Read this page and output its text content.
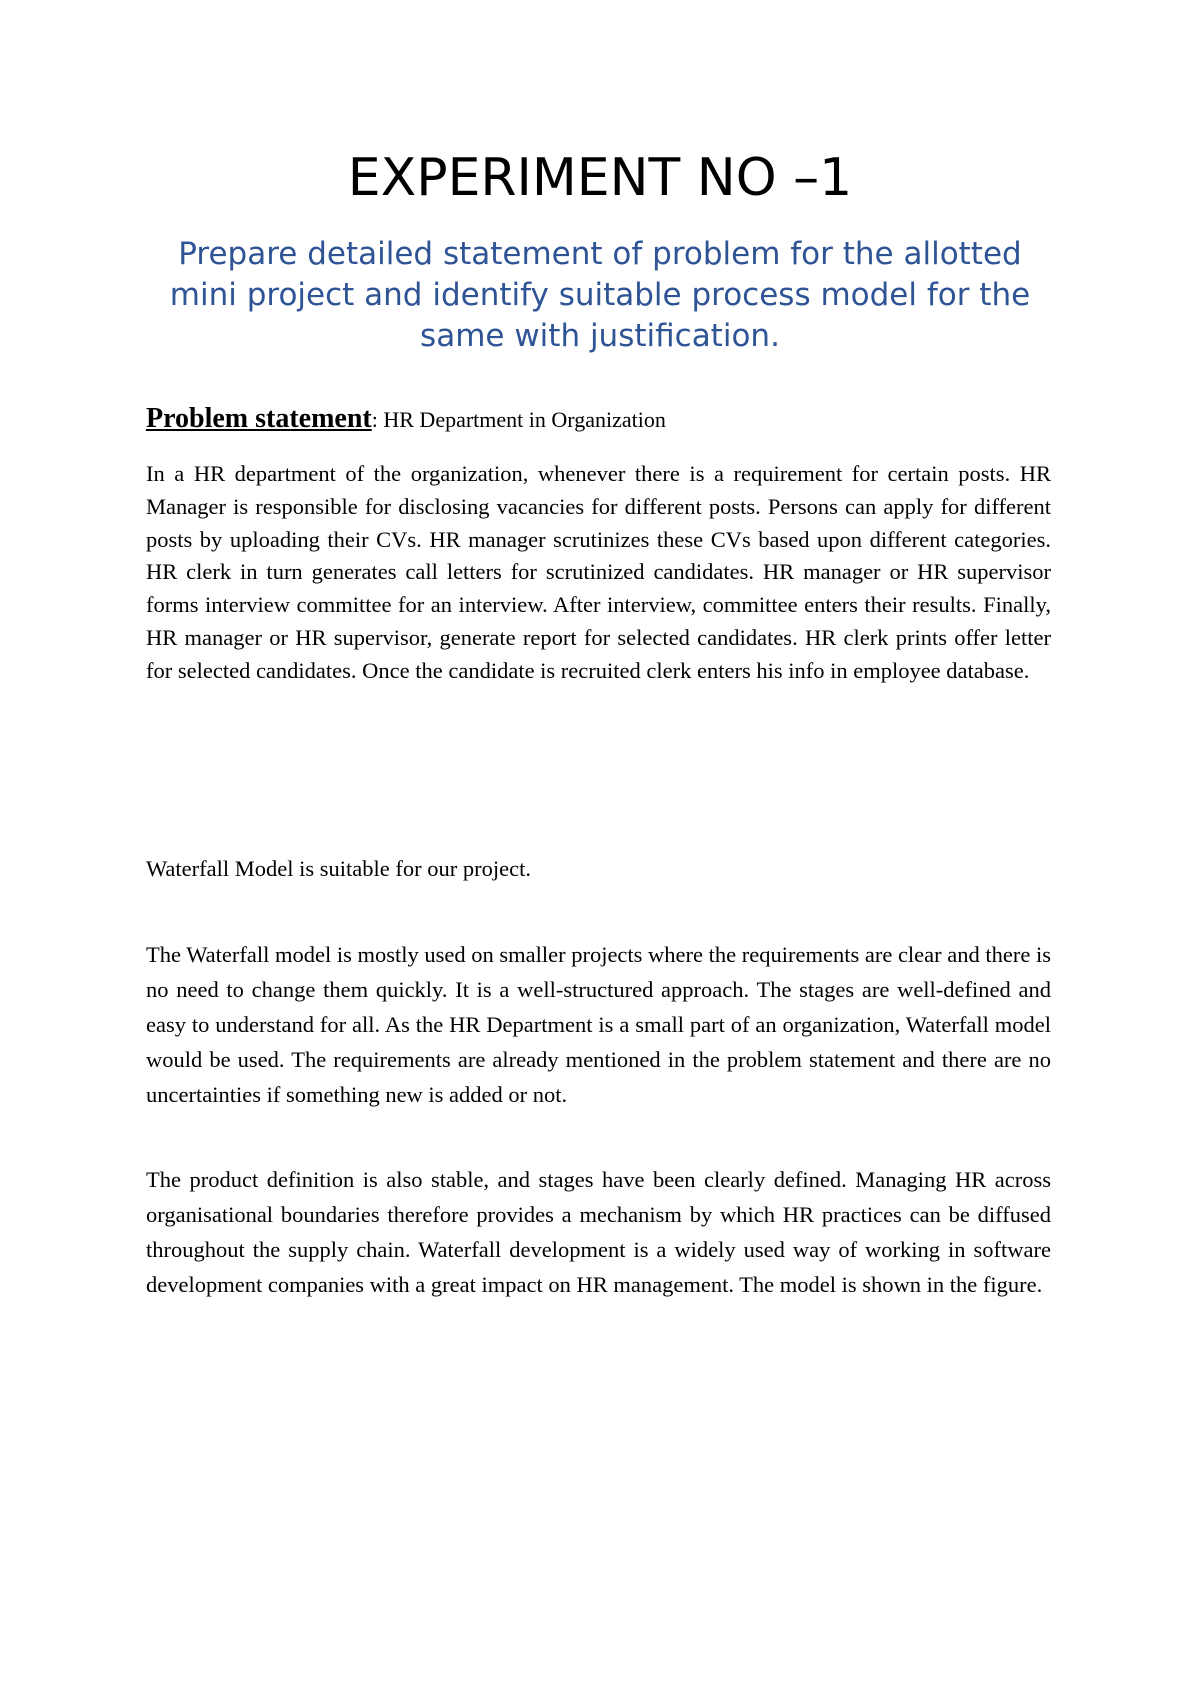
EXPERIMENT NO –1
Prepare detailed statement of problem for the allotted mini project and identify suitable process model for the same with justification.
Problem statement: HR Department in Organization

In a HR department of the organization, whenever there is a requirement for certain posts. HR Manager is responsible for disclosing vacancies for different posts. Persons can apply for different posts by uploading their CVs. HR manager scrutinizes these CVs based upon different categories. HR clerk in turn generates call letters for scrutinized candidates. HR manager or HR supervisor forms interview committee for an interview. After interview, committee enters their results. Finally, HR manager or HR supervisor, generate report for selected candidates. HR clerk prints offer letter for selected candidates. Once the candidate is recruited clerk enters his info in employee database.

Waterfall Model is suitable for our project.

The Waterfall model is mostly used on smaller projects where the requirements are clear and there is no need to change them quickly. It is a well-structured approach. The stages are well-defined and easy to understand for all. As the HR Department is a small part of an organization, Waterfall model would be used. The requirements are already mentioned in the problem statement and there are no uncertainties if something new is added or not.

The product definition is also stable, and stages have been clearly defined. Managing HR across organisational boundaries therefore provides a mechanism by which HR practices can be diffused throughout the supply chain. Waterfall development is a widely used way of working in software development companies with a great impact on HR management. The model is shown in the figure.
